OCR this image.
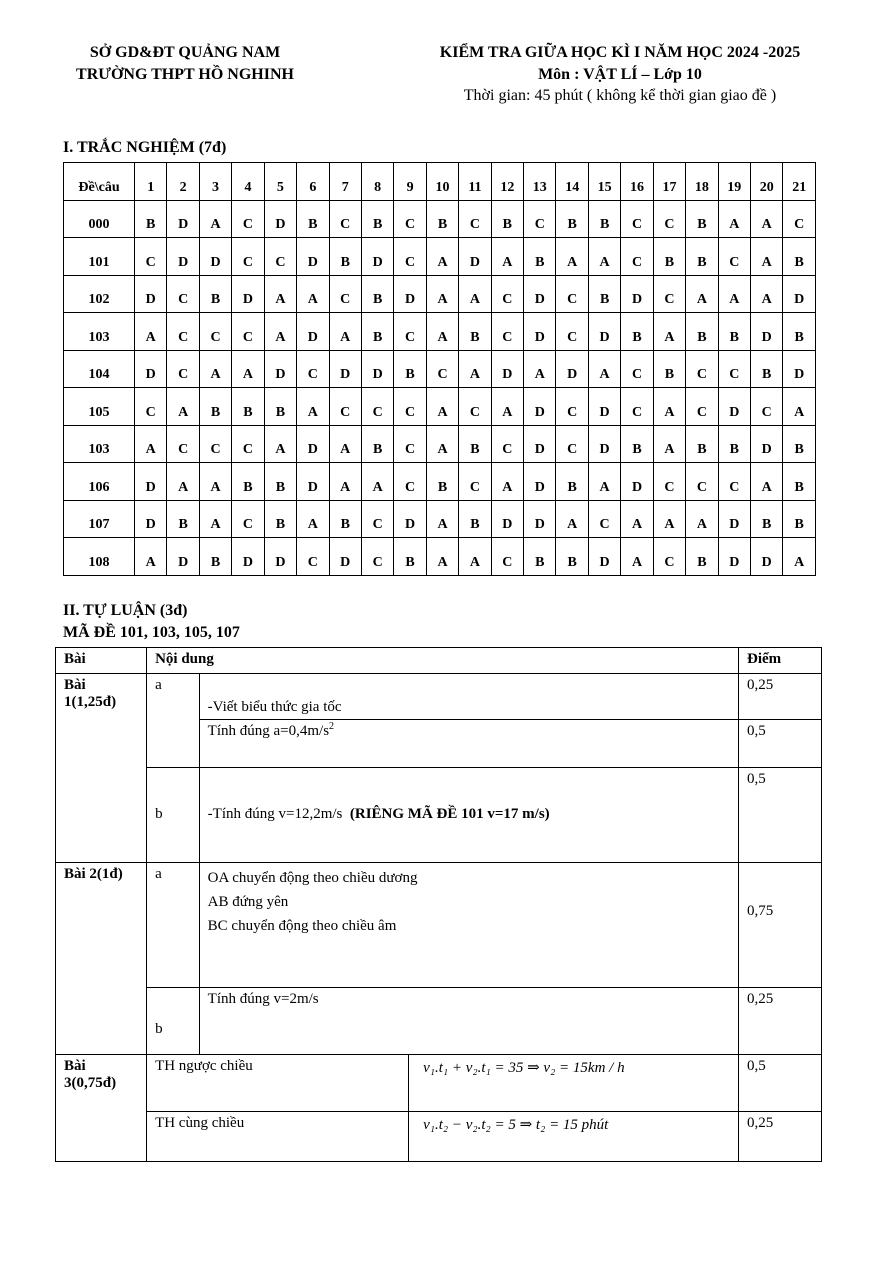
SỞ GD&ĐT QUẢNG NAM
TRƯỜNG THPT HỒ NGHINH
KIỂM TRA GIỮA HỌC KÌ I NĂM HỌC 2024 -2025
Môn : VẬT LÍ – Lớp 10
Thời gian: 45 phút ( không kể thời gian giao đề )
I. TRẮC NGHIỆM (7đ)
Đề\câu	1	2	3	4	5	6	7	8	9	10	11	12	13	14	15	16	17	18	19	20	21
000	B	D	A	C	D	B	C	B	C	B	C	B	C	B	B	C	C	B	A	A	C
101	C	D	D	C	C	D	B	D	C	A	D	A	B	A	A	C	B	B	C	A	B
102	D	C	B	D	A	A	C	B	D	A	A	C	D	C	B	D	C	A	A	A	D
103	A	C	C	C	A	D	A	B	C	A	B	C	D	C	D	B	A	B	B	D	B
104	D	C	A	A	D	C	D	D	B	C	A	D	A	D	A	C	B	C	C	B	D
105	C	A	B	B	B	A	C	C	C	A	C	A	D	C	D	C	A	C	D	C	A
103	A	C	C	C	A	D	A	B	C	A	B	C	D	C	D	B	A	B	B	D	B
106	D	A	A	B	B	D	A	A	C	B	C	A	D	B	A	D	C	C	C	A	B
107	D	B	A	C	B	A	B	C	D	A	B	D	D	A	C	A	A	A	D	B	B
108	A	D	B	D	D	C	D	C	B	A	A	C	B	B	D	A	C	B	D	D	A
II. TỰ LUẬN (3đ)
MÃ ĐỀ 101, 103, 105, 107
Bài	Nội dung			Điểm
Bài 1(1,25đ)	a	-Viết biểu thức gia tốc		0,25
		Tính đúng $a=0,4m/s^2$		0,5
	b	-Tính đúng v=12,2m/s (RIÊNG MÃ ĐỀ 101 v=17 m/s)		0,5
Bài 2(1đ)	a	OA chuyển động theo chiều dương
AB đứng yên
BC chuyển động theo chiều âm		0,75
	b	Tính đúng v=2m/s		0,25
Bài 3(0,75đ)	TH ngược chiều		v₁.t₁ + v₂.t₁ = 35 ⇒ v₂ = 15km / h	0,5
	TH cùng chiều		v₁.t₂ − v₂.t₂ = 5 ⇒ t₂ = 15 phút	0,25
